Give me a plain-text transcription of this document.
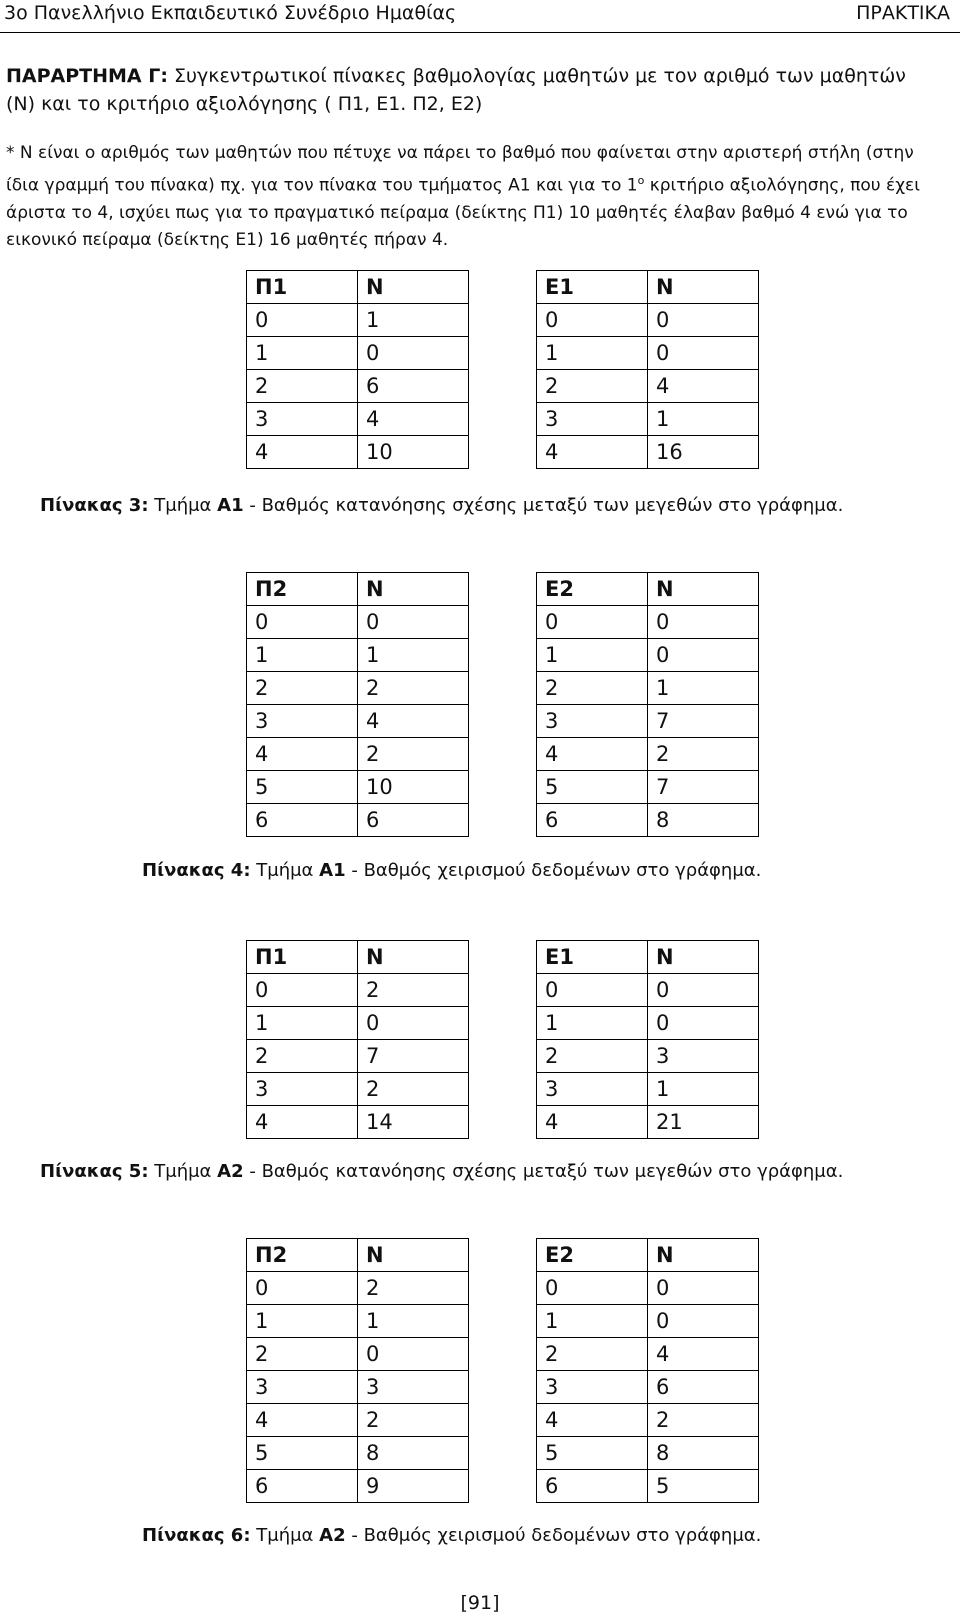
3ο Πανελλήνιο Εκπαιδευτικό Συνέδριο Ημαθίας	ΠΡΑΚΤΙΚΑ
ΠΑΡΑΡΤΗΜΑ Γ: Συγκεντρωτικοί πίνακες βαθμολογίας μαθητών με τον αριθμό των μαθητών (Ν) και το κριτήριο αξιολόγησης ( Π1, Ε1. Π2, Ε2)
* N είναι ο αριθμός των μαθητών που πέτυχε να πάρει το βαθμό που φαίνεται στην αριστερή στήλη (στην ίδια γραμμή του πίνακα) πχ. για τον πίνακα του τμήματος Α1 και για το $1^o$ κριτήριο αξιολόγησης, που έχει άριστα το 4, ισχύει πως για το πραγματικό πείραμα (δείκτης Π1) 10 μαθητές έλαβαν βαθμό 4 ενώ για το εικονικό πείραμα (δείκτης Ε1) 16 μαθητές πήραν 4.
Π1	Ν
0	1
1	0
2	6
3	4
4	10
Ε1	Ν
0	0
1	0
2	4
3	1
4	16
Πίνακας 3: Τμήμα Α1 - Βαθμός κατανόησης σχέσης μεταξύ των μεγεθών στο γράφημα.
Π2	Ν
0	0
1	1
2	2
3	4
4	2
5	10
6	6
Ε2	Ν
0	0
1	0
2	1
3	7
4	2
5	7
6	8
Πίνακας 4: Τμήμα Α1 - Βαθμός χειρισμού δεδομένων στο γράφημα.
Π1	Ν
0	2
1	0
2	7
3	2
4	14
Ε1	Ν
0	0
1	0
2	3
3	1
4	21
Πίνακας 5: Τμήμα Α2 - Βαθμός κατανόησης σχέσης μεταξύ των μεγεθών στο γράφημα.
Π2	Ν
0	2
1	1
2	0
3	3
4	2
5	8
6	9
Ε2	Ν
0	0
1	0
2	4
3	6
4	2
5	8
6	5
Πίνακας 6: Τμήμα Α2 - Βαθμός χειρισμού δεδομένων στο γράφημα.
[91]
